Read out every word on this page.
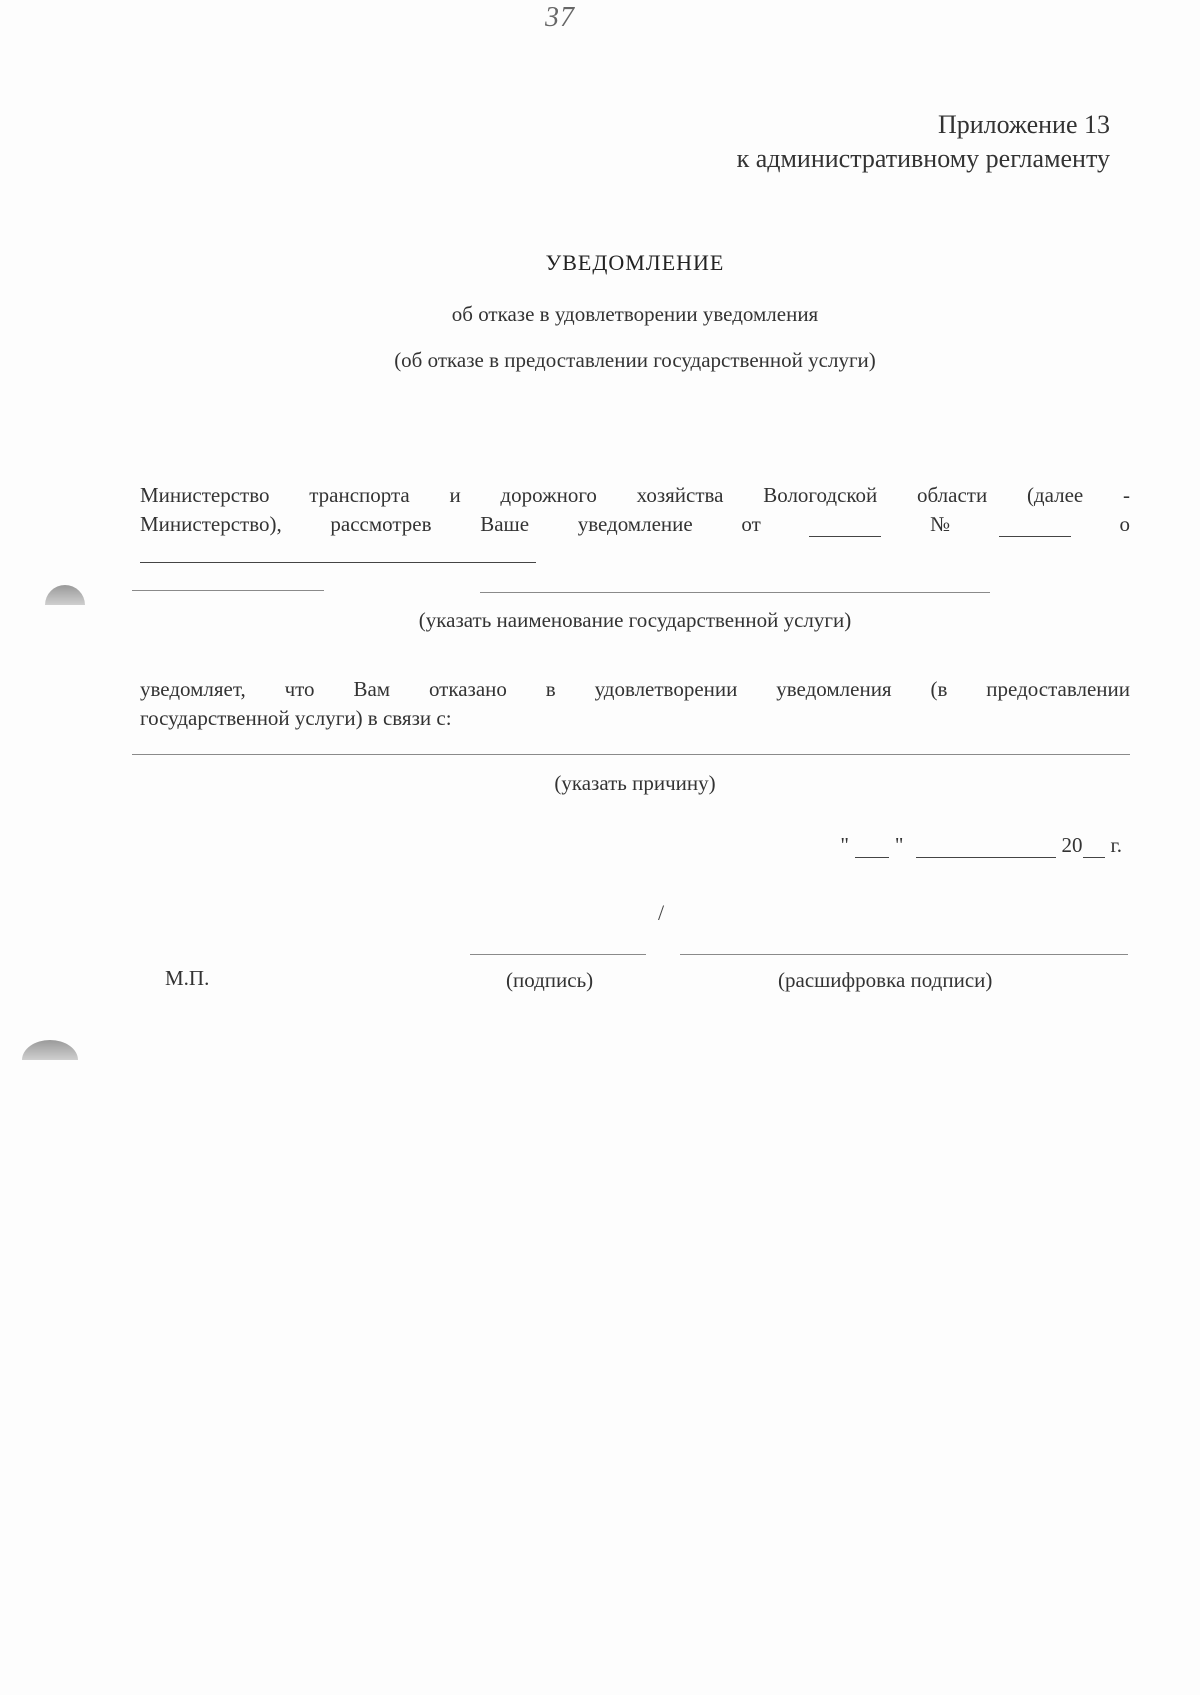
37
Приложение 13
к административному регламенту
УВЕДОМЛЕНИЕ
об отказе в удовлетворении уведомления
(об отказе в предоставлении государственной услуги)
Министерство транспорта и дорожного хозяйства Вологодской области (далее -
Министерство), рассмотрев Ваше уведомление от	№	о
(указать наименование государственной услуги)
уведомляет, что Вам отказано в удовлетворении уведомления (в предоставлении
государственной услуги) в связи с:
(указать причину)
" "	20 г.
/
М.П.	(подпись)	(расшифровка подписи)
